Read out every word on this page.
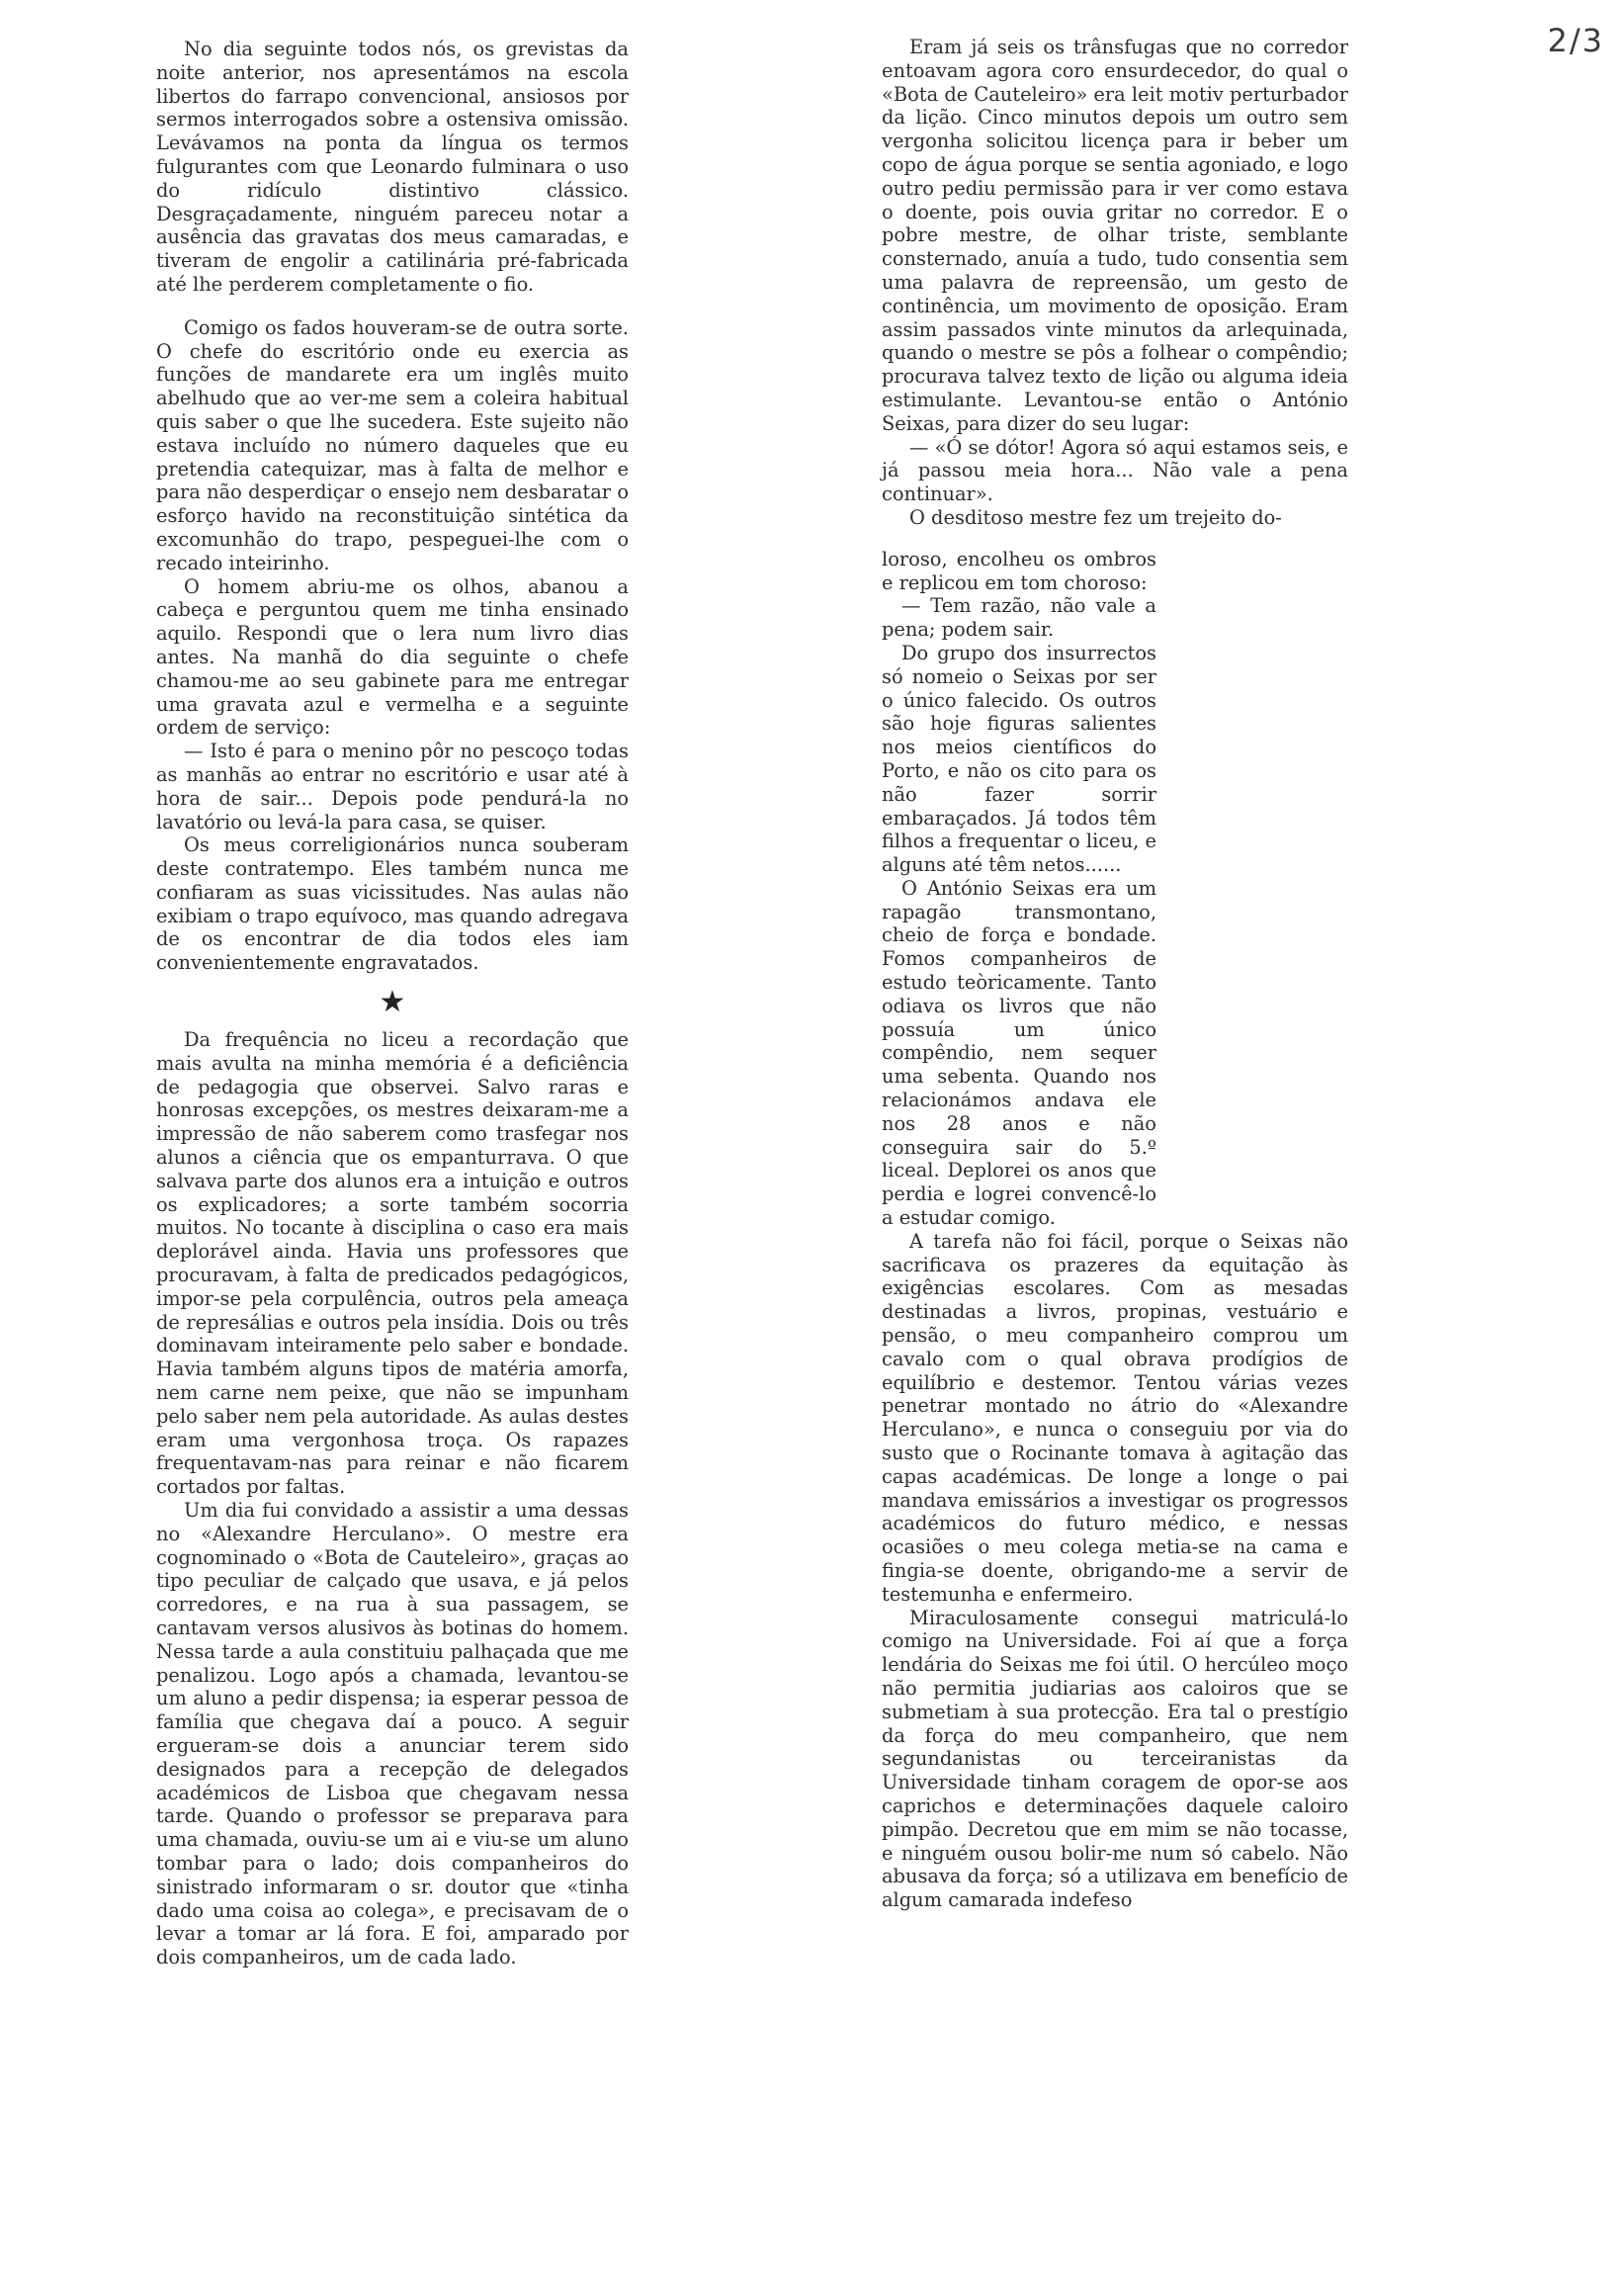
2/3

No dia seguinte todos nós, os grevistas da noite anterior, nos apresentámos na escola libertos do farrapo convencional, ansiosos por sermos interrogados sobre a ostensiva omissão. Levávamos na ponta da língua os termos fulgurantes com que Leonardo fulminara o uso do ridículo distintivo clássico. Desgraçadamente, ninguém pareceu notar a ausência das gravatas dos meus camaradas, e tiveram de engolir a catilinária pré-fabricada até lhe perderem completamente o fio.

Comigo os fados houveram-se de outra sorte. O chefe do escritório onde eu exercia as funções de mandarete era um inglês muito abelhudo que ao ver-me sem a coleira habitual quis saber o que lhe sucedera. Este sujeito não estava incluído no número daqueles que eu pretendia catequizar, mas à falta de melhor e para não desperdiçar o ensejo nem desbaratar o esforço havido na reconstituição sintética da excomunhão do trapo, pespeguei-lhe com o recado inteirinho.

O homem abriu-me os olhos, abanou a cabeça e perguntou quem me tinha ensinado aquilo. Respondi que o lera num livro dias antes. Na manhã do dia seguinte o chefe chamou-me ao seu gabinete para me entregar uma gravata azul e vermelha e a seguinte ordem de serviço:

— Isto é para o menino pôr no pescoço todas as manhãs ao entrar no escritório e usar até à hora de sair... Depois pode pendurá-la no lavatório ou levá-la para casa, se quiser.

Os meus correligionários nunca souberam deste contratempo. Eles também nunca me confiaram as suas vicissitudes. Nas aulas não exibiam o trapo equívoco, mas quando adregava de os encontrar de dia todos eles iam convenientemente engravatados.

★

Da frequência no liceu a recordação que mais avulta na minha memória é a deficiência de pedagogia que observei. Salvo raras e honrosas excepções, os mestres deixaram-me a impressão de não saberem como trasfegar nos alunos a ciência que os empanturrava. O que salvava parte dos alunos era a intuição e outros os explicadores; a sorte também socorria muitos. No tocante à disciplina o caso era mais deplorável ainda. Havia uns professores que procuravam, à falta de predicados pedagógicos, impor-se pela corpulência, outros pela ameaça de represálias e outros pela insídia. Dois ou três dominavam inteiramente pelo saber e bondade. Havia também alguns tipos de matéria amorfa, nem carne nem peixe, que não se impunham pelo saber nem pela autoridade. As aulas destes eram uma vergonhosa troça. Os rapazes frequentavam-nas para reinar e não ficarem cortados por faltas.

Um dia fui convidado a assistir a uma dessas no «Alexandre Herculano». O mestre era cognominado o «Bota de Cauteleiro», graças ao tipo peculiar de calçado que usava, e já pelos corredores, e na rua à sua passagem, se cantavam versos alusivos às botinas do homem. Nessa tarde a aula constituiu palhaçada que me penalizou. Logo após a chamada, levantou-se um aluno a pedir dispensa; ia esperar pessoa de família que chegava daí a pouco. A seguir ergueram-se dois a anunciar terem sido designados para a recepção de delegados académicos de Lisboa que chegavam nessa tarde. Quando o professor se preparava para uma chamada, ouviu-se um ai e viu-se um aluno tombar para o lado; dois companheiros do sinistrado informaram o sr. doutor que «tinha dado uma coisa ao colega», e precisavam de o levar a tomar ar lá fora. E foi, amparado por dois companheiros, um de cada lado.

Eram já seis os trânsfugas que no corredor entoavam agora coro ensurdecedor, do qual o «Bota de Cauteleiro» era leit motiv perturbador da lição. Cinco minutos depois um outro sem vergonha solicitou licença para ir beber um copo de água porque se sentia agoniado, e logo outro pediu permissão para ir ver como estava o doente, pois ouvia gritar no corredor. E o pobre mestre, de olhar triste, semblante consternado, anuía a tudo, tudo consentia sem uma palavra de repreensão, um gesto de continência, um movimento de oposição. Eram assim passados vinte minutos da arlequinada, quando o mestre se pôs a folhear o compêndio; procurava talvez texto de lição ou alguma ideia estimulante. Levantou-se então o António Seixas, para dizer do seu lugar:

— «Ó se dótor! Agora só aqui estamos seis, e já passou meia hora... Não vale a pena continuar».

O desditoso mestre fez um trejeito do-

loroso, encolheu os ombros e replicou em tom choroso:

— Tem razão, não vale a pena; podem sair.

Do grupo dos insurrectos só nomeio o Seixas por ser o único falecido. Os outros são hoje figuras salientes nos meios científicos do Porto, e não os cito para os não fazer sorrir embaraçados. Já todos têm filhos a frequentar o liceu, e alguns até têm netos......

O António Seixas era um rapagão transmontano, cheio de força e bondade. Fomos companheiros de estudo teòricamente. Tanto odiava os livros que não possuía um único compêndio, nem sequer uma sebenta. Quando nos relacionámos andava ele nos 28 anos e não conseguira sair do 5.º liceal. Deplorei os anos que perdia e logrei convencê-lo a estudar comigo.

A tarefa não foi fácil, porque o Seixas não sacrificava os prazeres da equitação às exigências escolares. Com as mesadas destinadas a livros, propinas, vestuário e pensão, o meu companheiro comprou um cavalo com o qual obrava prodígios de equilíbrio e destemor. Tentou várias vezes penetrar montado no átrio do «Alexandre Herculano», e nunca o conseguiu por via do susto que o Rocinante tomava à agitação das capas académicas. De longe a longe o pai mandava emissários a investigar os progressos académicos do futuro médico, e nessas ocasiões o meu colega metia-se na cama e fingia-se doente, obrigando-me a servir de testemunha e enfermeiro.

Miraculosamente consegui matriculá-lo comigo na Universidade. Foi aí que a força lendária do Seixas me foi útil. O hercúleo moço não permitia judiarias aos caloiros que se submetiam à sua protecção. Era tal o prestígio da força do meu companheiro, que nem segundanistas ou terceiranistas da Universidade tinham coragem de opor-se aos caprichos e determinações daquele caloiro pimpão. Decretou que em mim se não tocasse, e ninguém ousou bolir-me num só cabelo. Não abusava da força; só a utilizava em benefício de algum camarada indefeso
